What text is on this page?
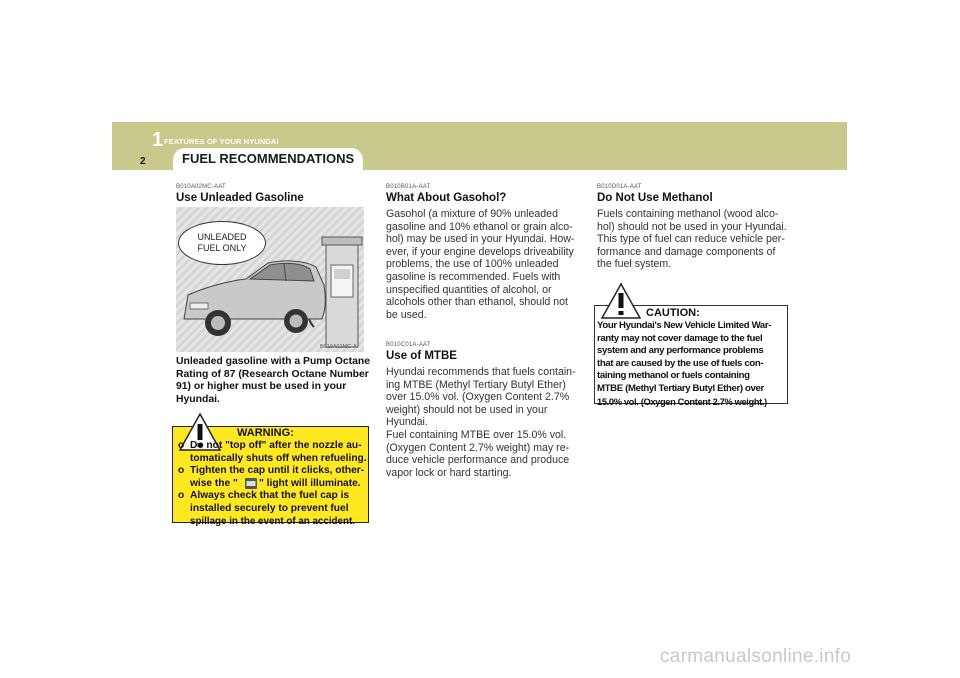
1 FEATURES OF YOUR HYUNDAI
2	FUEL RECOMMENDATIONS
B010A02MC-AAT
Use Unleaded Gasoline
UNLEADED
FUEL ONLY
B010A01MC-A
Unleaded gasoline with a Pump Octane
Rating of 87 (Research Octane Number
91) or higher must be used in your
Hyundai.
WARNING:
o Do not "top off" after the nozzle au-
tomatically shuts off when refueling.
o Tighten the cap until it clicks, other-
wise the " " light will illuminate.
o Always check that the fuel cap is
installed securely to prevent fuel
spillage in the event of an accident.
B010B01A-AAT
What About Gasohol?
Gasohol (a mixture of 90% unleaded
gasoline and 10% ethanol or grain alco-
hol) may be used in your Hyundai. How-
ever, if your engine develops driveability
problems, the use of 100% unleaded
gasoline is recommended. Fuels with
unspecified quantities of alcohol, or
alcohols other than ethanol, should not
be used.
B010C01A-AAT
Use of MTBE
Hyundai recommends that fuels contain-
ing MTBE (Methyl Tertiary Butyl Ether)
over 15.0% vol. (Oxygen Content 2.7%
weight) should not be used in your
Hyundai.
Fuel containing MTBE over 15.0% vol.
(Oxygen Content 2.7% weight) may re-
duce vehicle performance and produce
vapor lock or hard starting.
B010D01A-AAT
Do Not Use Methanol
Fuels containing methanol (wood alco-
hol) should not be used in your Hyundai.
This type of fuel can reduce vehicle per-
formance and damage components of
the fuel system.
CAUTION:
Your Hyundai's New Vehicle Limited War-
ranty may not cover damage to the fuel
system and any performance problems
that are caused by the use of fuels con-
taining methanol or fuels containing
MTBE (Methyl Tertiary Butyl Ether) over
15.0% vol. (Oxygen Content 2.7% weight.)
carmanualsonline.info
